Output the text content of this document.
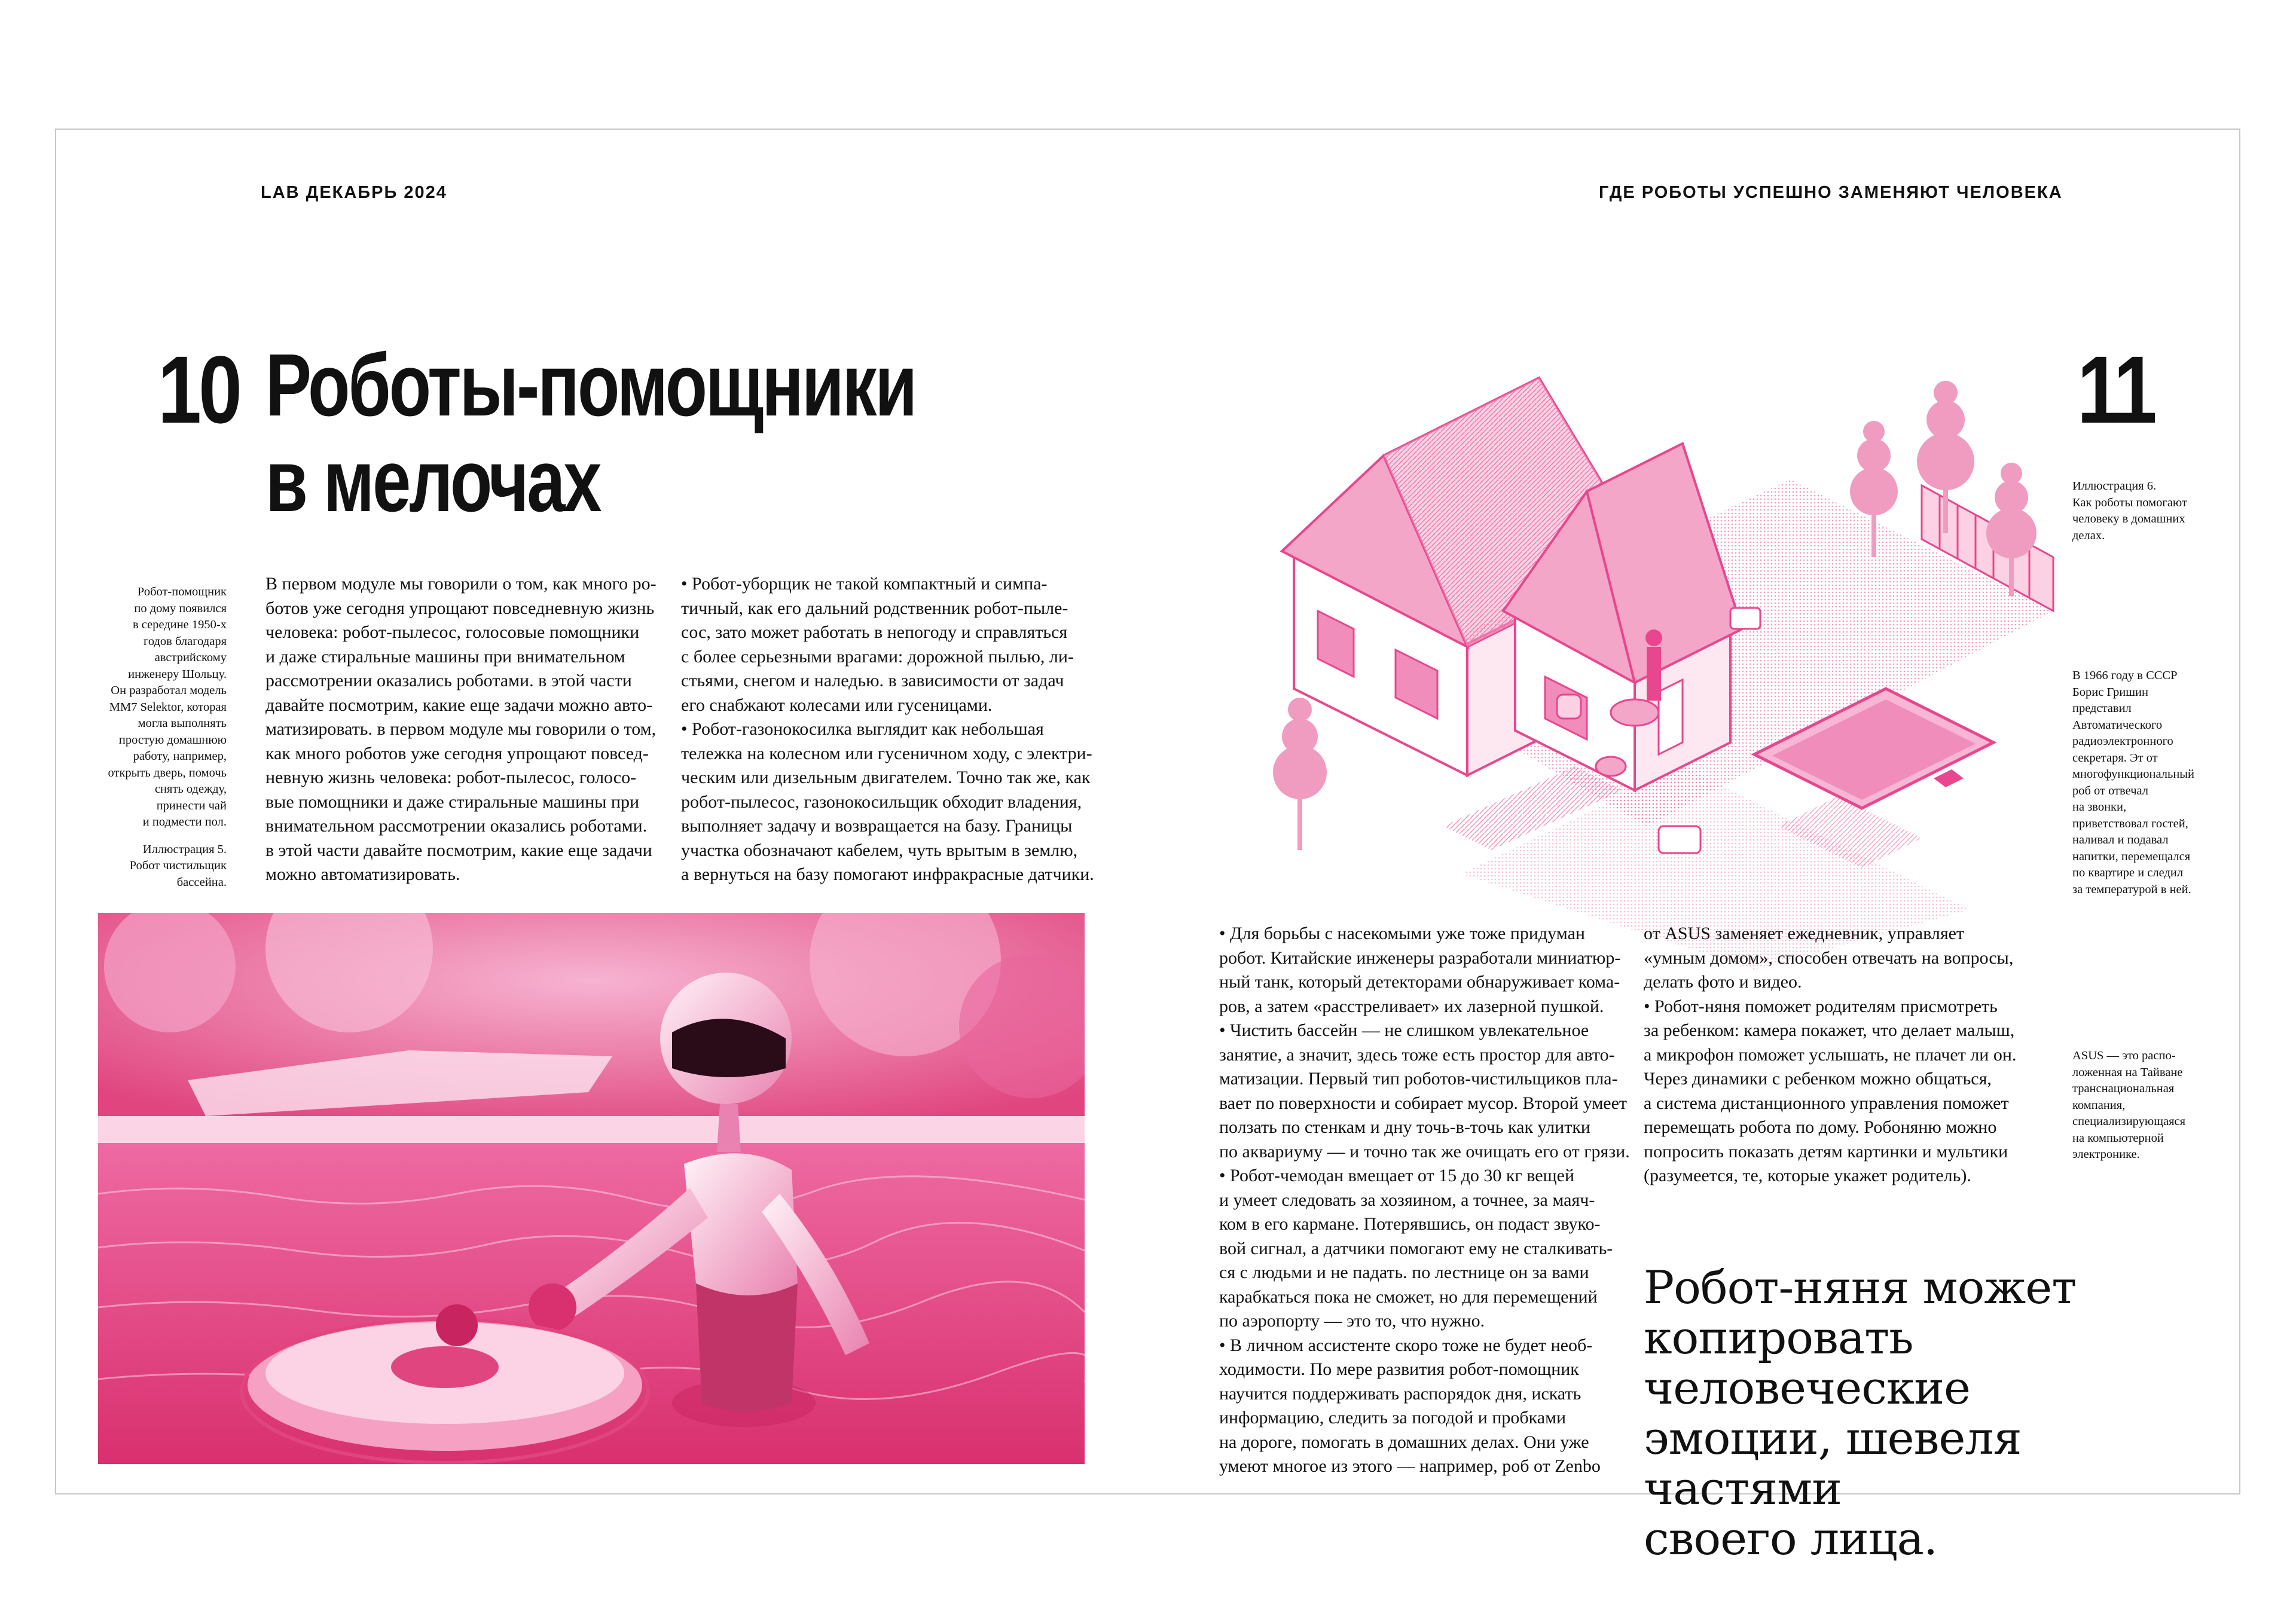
LAB ДЕКАБРЬ 2024	ГДЕ РОБОТЫ УСПЕШНО ЗАМЕНЯЮТ ЧЕЛОВЕКА
10 Роботы-помощники
в мелочах

Робот-помощник

по дому появился

в середине 1950-х

годов благодаря

австрийскому

инженеру Шольцу.

Он разработал модель

MM7 Selektor, которая

могла выполнять

простую домашнюю

работу, например,

открыть дверь, помочь

снять одежду,

принести чай

и подмести пол.

Иллюстрация 5.

Робот чистильщик

бассейна.

В первом модуле мы говорили о том, как много ро-

ботов уже сегодня упрощают повседневную жизнь

человека: робот-пылесос, голосовые помощники

и даже стиральные машины при внимательном

рассмотрении оказались роботами. в этой части

давайте посмотрим, какие еще задачи можно авто-

матизировать. в первом модуле мы говорили о том,

как много роботов уже сегодня упрощают повсед-

невную жизнь человека: робот-пылесос, голосо-

вые помощники и даже стиральные машины при

внимательном рассмотрении оказались роботами.

в этой части давайте посмотрим, какие еще задачи

можно автоматизировать.

• Робот-уборщик не такой компактный и симпа-

тичный, как его дальний родственник робот-пыле-

сос, зато может работать в непогоду и справляться

с более серьезными врагами: дорожной пылью, ли-

стьями, снегом и наледью. в зависимости от задач

его снабжают колесами или гусеницами.

• Робот-газонокосилка выглядит как небольшая

тележка на колесном или гусеничном ходу, с электри-

ческим или дизельным двигателем. Точно так же, как

робот-пылесос, газонокосильщик обходит владения,

выполняет задачу и возвращается на базу. Границы

участка обозначают кабелем, чуть врытым в землю,

а вернуться на базу помогают инфракрасные датчики.

11

Иллюстрация 6.

Как роботы помогают

человеку в домашних

делах.

В 1966 году в СССР

Борис Гришин

представил

Автоматического

радиоэлектронного

секретаря. Эт от

многофункциональный

роб от отвечал

на звонки,

приветствовал гостей,

наливал и подавал

напитки, перемещался

по квартире и следил

за температурой в ней.

ASUS — это распо-

ложенная на Тайване

транснациональная

компания,

специализирующаяся

на компьютерной

электронике.

• Для борьбы с насекомыми уже тоже придуман

робот. Китайские инженеры разработали миниатюр-

ный танк, который детекторами обнаруживает кома-

ров, а затем «расстреливает» их лазерной пушкой.

• Чистить бассейн — не слишком увлекательное

занятие, а значит, здесь тоже есть простор для авто-

матизации. Первый тип роботов-чистильщиков пла-

вает по поверхности и собирает мусор. Второй умеет

ползать по стенкам и дну точь-в-точь как улитки

по аквариуму — и точно так же очищать его от грязи.

• Робот-чемодан вмещает от 15 до 30 кг вещей

и умеет следовать за хозяином, а точнее, за маяч-

ком в его кармане. Потерявшись, он подаст звуко-

вой сигнал, а датчики помогают ему не сталкивать-

ся с людьми и не падать. по лестнице он за вами

карабкаться пока не сможет, но для перемещений

по аэропорту — это то, что нужно.

• В личном ассистенте скоро тоже не будет необ-

ходимости. По мере развития робот-помощник

научится поддерживать распорядок дня, искать

информацию, следить за погодой и пробками

на дороге, помогать в домашних делах. Они уже

умеют многое из этого — например, роб от Zenbo

от ASUS заменяет ежедневник, управляет

«умным домом», способен отвечать на вопросы,

делать фото и видео.

• Робот-няня поможет родителям присмотреть

за ребенком: камера покажет, что делает малыш,

а микрофон поможет услышать, не плачет ли он.

Через динамики с ребенком можно общаться,

а система дистанционного управления поможет

перемещать робота по дому. Робоняню можно

попросить показать детям картинки и мультики

(разумеется, те, которые укажет родитель).

Робот-няня может
копировать человеческие
эмоции, шевеля частями
своего лица.
